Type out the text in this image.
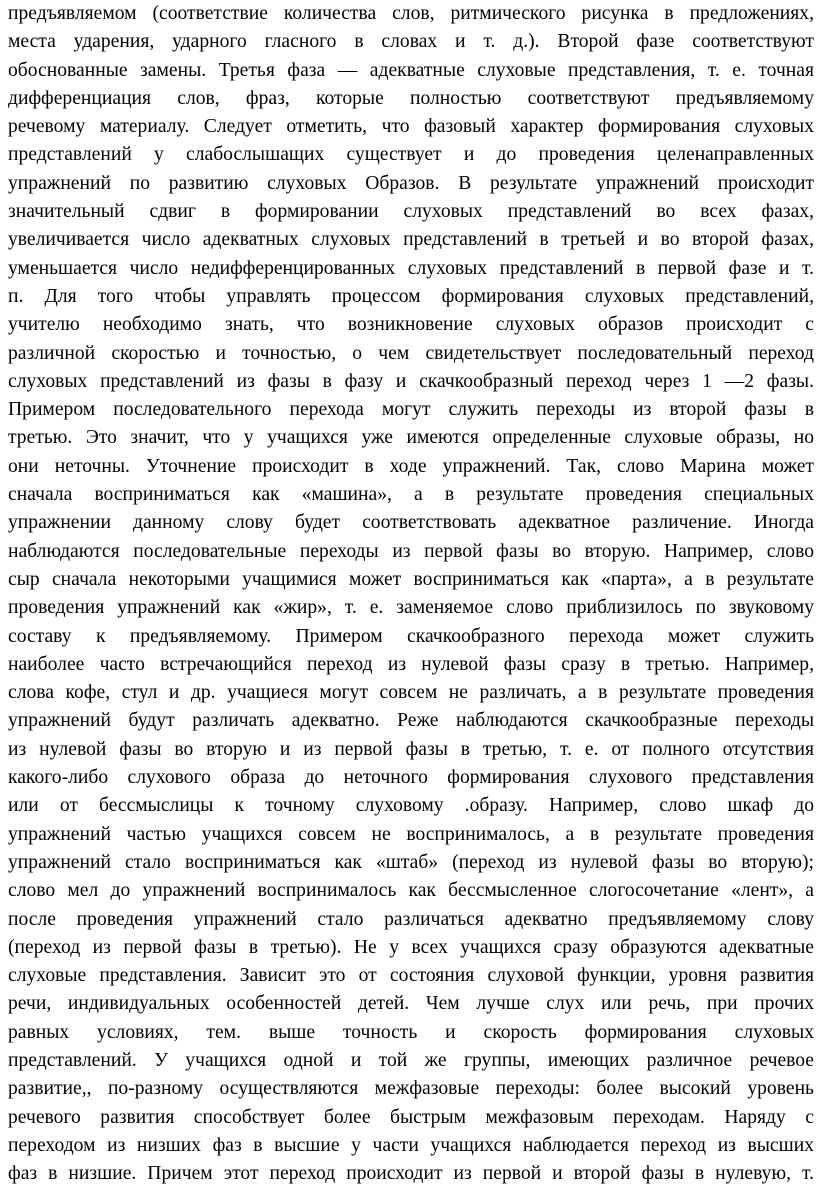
предъявляемом (соответствие количества слов, ритмического рисунка в предложениях,
места ударения, ударного гласного в словах и т. д.). Второй фазе соответствуют
обоснованные замены. Третья фаза — адекватные слуховые представления, т. е. точная
дифференциация слов, фраз, которые полностью соответствуют предъявляемому
речевому материалу. Следует отметить, что фазовый характер формирования слуховых
представлений у слабослышащих существует и до проведения целенаправленных
упражнений по развитию слуховых Образов. В результате упражнений происходит
значительный сдвиг в формировании слуховых представлений во всех фазах,
увеличивается число адекватных слуховых представлений в третьей и во второй фазах,
уменьшается число недифференцированных слуховых представлений в первой фазе и т.
п. Для того чтобы управлять процессом формирования слуховых представлений,
учителю необходимо знать, что возникновение слуховых образов происходит с
различной скоростью и точностью, о чем свидетельствует последовательный переход
слуховых представлений из фазы в фазу и скачкообразный переход через 1 —2 фазы.
Примером последовательного перехода могут служить переходы из второй фазы в
третью. Это значит, что у учащихся уже имеются определенные слуховые образы, но
они неточны. Уточнение происходит в ходе упражнений. Так, слово Марина может
сначала восприниматься как «машина», а в результате проведения специальных
упражнении данному слову будет соответствовать адекватное различение. Иногда
наблюдаются последовательные переходы из первой фазы во вторую. Например, слово
сыр сначала некоторыми учащимися может восприниматься как «парта», а в результате
проведения упражнений как «жир», т. е. заменяемое слово приблизилось по звуковому
составу к предъявляемому. Примером скачкообразного перехода может служить
наиболее часто встречающийся переход из нулевой фазы сразу в третью. Например,
слова кофе, стул и др. учащиеся могут совсем не различать, а в результате проведения
упражнений будут различать адекватно. Реже наблюдаются скачкообразные переходы
из нулевой фазы во вторую и из первой фазы в третью, т. е. от полного отсутствия
какого-либо слухового образа до неточного формирования слухового представления
или от бессмыслицы к точному слуховому .образу. Например, слово шкаф до
упражнений частью учащихся совсем не воспринималось, а в результате проведения
упражнений стало восприниматься как «штаб» (переход из нулевой фазы во вторую);
слово мел до упражнений воспринималось как бессмысленное слогосочетание «лент», а
после проведения упражнений стало различаться адекватно предъявляемому слову
(переход из первой фазы в третью). Не у всех учащихся сразу образуются адекватные
слуховые представления. Зависит это от состояния слуховой функции, уровня развития
речи, индивидуальных особенностей детей. Чем лучше слух или речь, при прочих
равных условиях, тем. выше точность и скорость формирования слуховых
представлений. У учащихся одной и той же группы, имеющих различное речевое
развитие,, по-разному осуществляются межфазовые переходы: более высокий уровень
речевого развития способствует более быстрым межфазовым переходам. Наряду с
переходом из низших фаз в высшие у части учащихся наблюдается переход из высших
фаз в низшие. Причем этот переход происходит из первой и второй фазы в нулевую, т.
